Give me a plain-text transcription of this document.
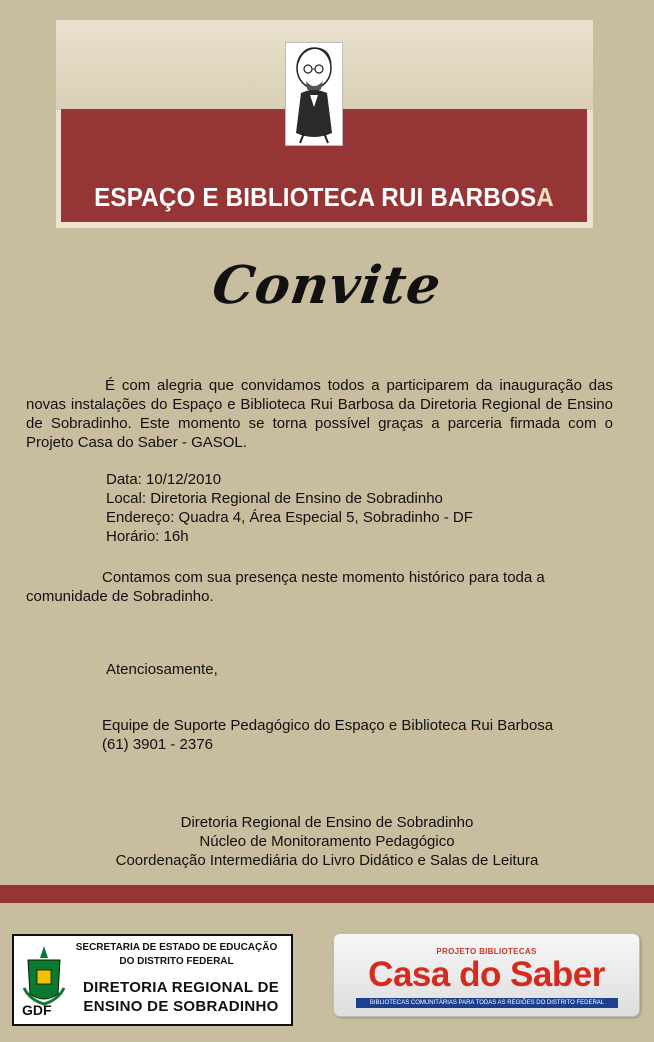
ESPAÇO E BIBLIOTECA RUI BARBOSA
Convite
É com alegria que convidamos todos a participarem da inauguração das novas instalações do Espaço e Biblioteca Rui Barbosa da Diretoria Regional de Ensino de Sobradinho. Este momento se torna possível graças a parceria firmada com o Projeto Casa do Saber - GASOL.
Data: 10/12/2010
Local: Diretoria Regional de Ensino de Sobradinho
Endereço: Quadra 4, Área Especial 5, Sobradinho - DF
Horário: 16h
Contamos com sua presença neste momento histórico para toda a comunidade de Sobradinho.
Atenciosamente,
Equipe de Suporte Pedagógico do Espaço e Biblioteca Rui Barbosa
(61) 3901 - 2376
Diretoria Regional de Ensino de Sobradinho
Núcleo de Monitoramento Pedagógico
Coordenação Intermediária do Livro Didático e Salas de Leitura
SECRETARIA DE ESTADO DE EDUCAÇÃO
DO DISTRITO FEDERAL
DIRETORIA REGIONAL DE
ENSINO DE SOBRADINHO
GDF
PROJETO BIBLIOTECAS
Casa do Saber
BIBLIOTECAS COMUNITÁRIAS PARA TODAS AS REGIÕES DO DISTRITO FEDERAL
